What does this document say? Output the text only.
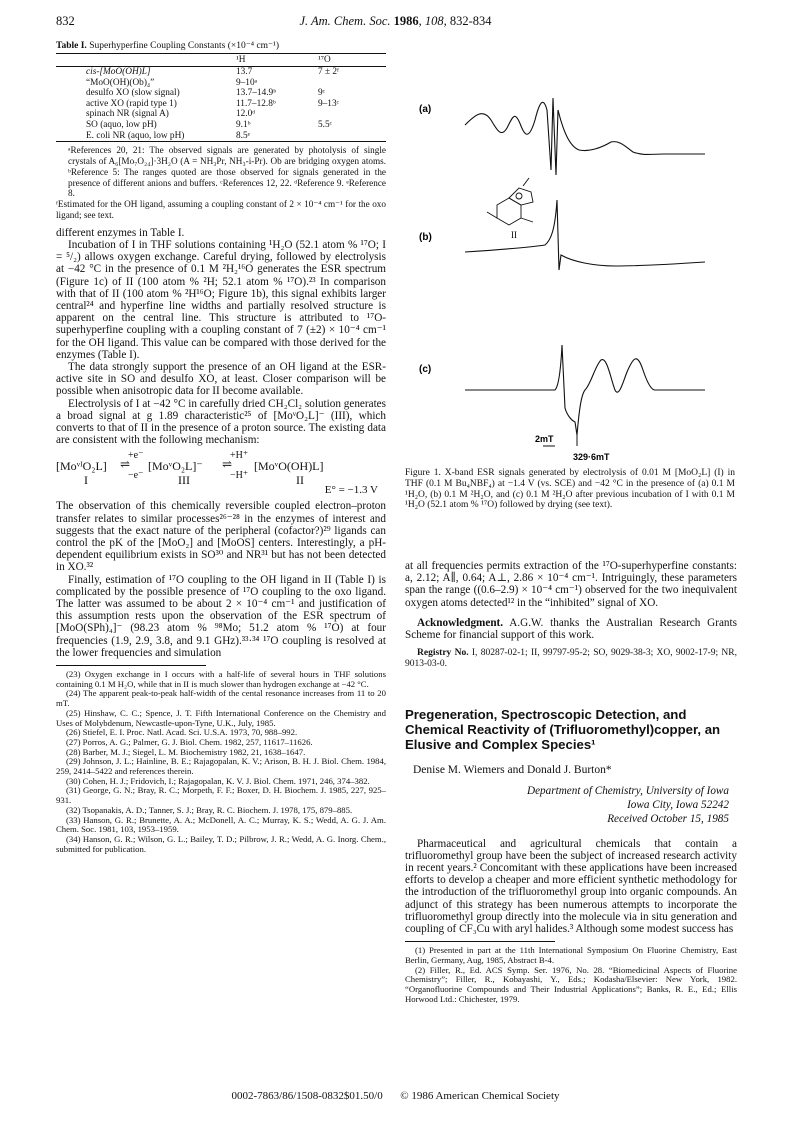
832	J. Am. Chem. Soc. 1986, 108, 832-834
Table I. Superhyperfine Coupling Constants (×10⁻⁴ cm⁻¹)
	¹H	¹⁷O
cis-[MoO(OH)L]	13.7	7 ± 2ᶠ
“MoO(OH)(Ob)₄”	9–10ᵃ	
desulfo XO (slow signal)	13.7–14.9ᵇ	9ᶜ
active XO (rapid type 1)	11.7–12.8ᵇ	9–13ᶜ
spinach NR (signal A)	12.0ᵈ	
SO (aquo, low pH)	9.1ᵇ	5.5ᶜ
E. coli NR (aquo, low pH)	8.5ᵉ	
ᵃReferences 20, 21: The observed signals are generated by photolysis of single crystals of A₆[Mo₇O₂₄]·3H₂O (A = NH₃Pr, NH₃-i-Pr). Ob are bridging oxygen atoms. ᵇReference 5: The ranges quoted are those observed for signals generated in the presence of different anions and buffers. ᶜReferences 12, 22. ᵈReference 9. ᵉReference 8.
ᶠEstimated for the OH ligand, assuming a coupling constant of 2 × 10⁻⁴ cm⁻¹ for the oxo ligand; see text.

different enzymes in Table I.

Incubation of I in THF solutions containing ¹H₂O (52.1 atom % ¹⁷O; I = ⁵/₂) allows oxygen exchange. Careful drying, followed by electrolysis at −42 °C in the presence of 0.1 M ²H₂¹⁶O generates the ESR spectrum (Figure 1c) of II (100 atom % ²H; 52.1 atom % ¹⁷O).²³ In comparison with that of II (100 atom % ²H¹⁶O; Figure 1b), this signal exhibits larger central²⁴ and hyperfine line widths and partially resolved structure is apparent on the central line. This structure is attributed to ¹⁷O-superhyperfine coupling with a coupling constant of 7 (±2) × 10⁻⁴ cm⁻¹ for the OH ligand. This value can be compared with those derived for the enzymes (Table I).

The data strongly support the presence of an OH ligand at the ESR-active site in SO and desulfo XO, at least. Closer comparison will be possible when anisotropic data for II become available.

Electrolysis of I at −42 °C in carefully dried CH₂Cl₂ solution generates a broad signal at g 1.89 characteristic²⁵ of [MoᵛO₂L]⁻ (III), which converts to that of II in the presence of a proton source. The existing data are consistent with the following mechanism:

[MoᵛᴵO₂L]
+e⁻
⇌
−e⁻
[MoᵛO₂L]⁻
+H⁺
⇌
−H⁺
[MoᵛO(OH)L]
I	III	II
E° = −1.3 V

The observation of this chemically reversible coupled electron–proton transfer relates to similar processes²⁶⁻²⁸ in the enzymes of interest and suggests that the exact nature of the peripheral (cofactor?)²⁹ ligands can control the pK of the [MoO₂] and [MoOS] centers. Interestingly, a pH-dependent equilibrium exists in SO³⁰ and NR³¹ but has not been detected in XO.³²

Finally, estimation of ¹⁷O coupling to the OH ligand in II (Table I) is complicated by the possible presence of ¹⁷O coupling to the oxo ligand. The latter was assumed to be about 2 × 10⁻⁴ cm⁻¹ and justification of this assumption rests upon the observation of the ESR spectrum of [MoO(SPh)₄]⁻ (98.23 atom % ⁹⁸Mo; 51.2 atom % ¹⁷O) at four frequencies (1.9, 2.9, 3.8, and 9.1 GHz).³³·³⁴ ¹⁷O coupling is resolved at the lower frequencies and simulation

(23) Oxygen exchange in I occurs with a half-life of several hours in THF solutions containing 0.1 M H₂O, while that in II is much slower than hydrogen exchange at −42 °C.
(24) The apparent peak-to-peak half-width of the cental resonance increases from 11 to 20 mT.
(25) Hinshaw, C. C.; Spence, J. T. Fifth International Conference on the Chemistry and Uses of Molybdenum, Newcastle-upon-Tyne, U.K., July, 1985.
(26) Stiefel, E. I. Proc. Natl. Acad. Sci. U.S.A. 1973, 70, 988–992.
(27) Porros, A. G.; Palmer, G. J. Biol. Chem. 1982, 257, 11617–11626.
(28) Barber, M. J.; Siegel, L. M. Biochemistry 1982, 21, 1638–1647.
(29) Johnson, J. L.; Hainline, B. E.; Rajagopalan, K. V.; Arison, B. H. J. Biol. Chem. 1984, 259, 2414–5422 and references therein.
(30) Cohen, H. J.; Fridovich, I.; Rajagopalan, K. V. J. Biol. Chem. 1971, 246, 374–382.
(31) George, G. N.; Bray, R. C.; Morpeth, F. F.; Boxer, D. H. Biochem. J. 1985, 227, 925–931.
(32) Tsopanakis, A. D.; Tanner, S. J.; Bray, R. C. Biochem. J. 1978, 175, 879–885.
(33) Hanson, G. R.; Brunette, A. A.; McDonell, A. C.; Murray, K. S.; Wedd, A. G. J. Am. Chem. Soc. 1981, 103, 1953–1959.
(34) Hanson, G. R.; Wilson, G. L.; Bailey, T. D.; Pilbrow, J. R.; Wedd, A. G. Inorg. Chem., submitted for publication.
(a)
(b)
(c)
II
2mT
329·6mT
Figure 1. X-band ESR signals generated by electrolysis of 0.01 M [MoO₂L] (I) in THF (0.1 M Bu₄NBF₄) at −1.4 V (vs. SCE) and −42 °C in the presence of (a) 0.1 M ¹H₂O, (b) 0.1 M ²H₂O, and (c) 0.1 M ²H₂O after previous incubation of I with 0.1 M ¹H₂O (52.1 atom % ¹⁷O) followed by drying (see text).

at all frequencies permits extraction of the ¹⁷O-superhyperfine constants: a, 2.12; A∥, 0.64; A⊥, 2.86 × 10⁻⁴ cm⁻¹. Intriguingly, these parameters span the range ((0.6–2.9) × 10⁻⁴ cm⁻¹) observed for the two inequivalent oxygen atoms detected¹² in the “inhibited” signal of XO.

Acknowledgment. A.G.W. thanks the Australian Research Grants Scheme for financial support of this work.

Registry No. I, 80287-02-1; II, 99797-95-2; SO, 9029-38-3; XO, 9002-17-9; NR, 9013-03-0.
Pregeneration, Spectroscopic Detection, and Chemical Reactivity of (Trifluoromethyl)copper, an Elusive and Complex Species¹
Denise M. Wiemers and Donald J. Burton*
Department of Chemistry, University of Iowa
Iowa City, Iowa 52242
Received October 15, 1985

Pharmaceutical and agricultural chemicals that contain a trifluoromethyl group have been the subject of increased research activity in recent years.² Concomitant with these applications have been increased efforts to develop a cheaper and more efficient synthetic methodology for the introduction of the trifluoromethyl group into organic compounds. An adjunct of this strategy has been numerous attempts to incorporate the trifluoromethyl group directly into the molecule via in situ generation and coupling of CF₃Cu with aryl halides.³ Although some modest success has

(1) Presented in part at the 11th International Symposium On Fluorine Chemistry, East Berlin, Germany, Aug, 1985, Abstract B-4.
(2) Filler, R., Ed. ACS Symp. Ser. 1976, No. 28. “Biomedicinal Aspects of Fluorine Chemistry”; Filler, R., Kobayashi, Y., Eds.; Kodasha/Elsevier: New York, 1982. “Organofluorine Compounds and Their Industrial Applications”; Banks, R. E., Ed.; Ellis Horwood Ltd.: Chichester, 1979.
0002-7863/86/1508-0832$01.50/0 © 1986 American Chemical Society
